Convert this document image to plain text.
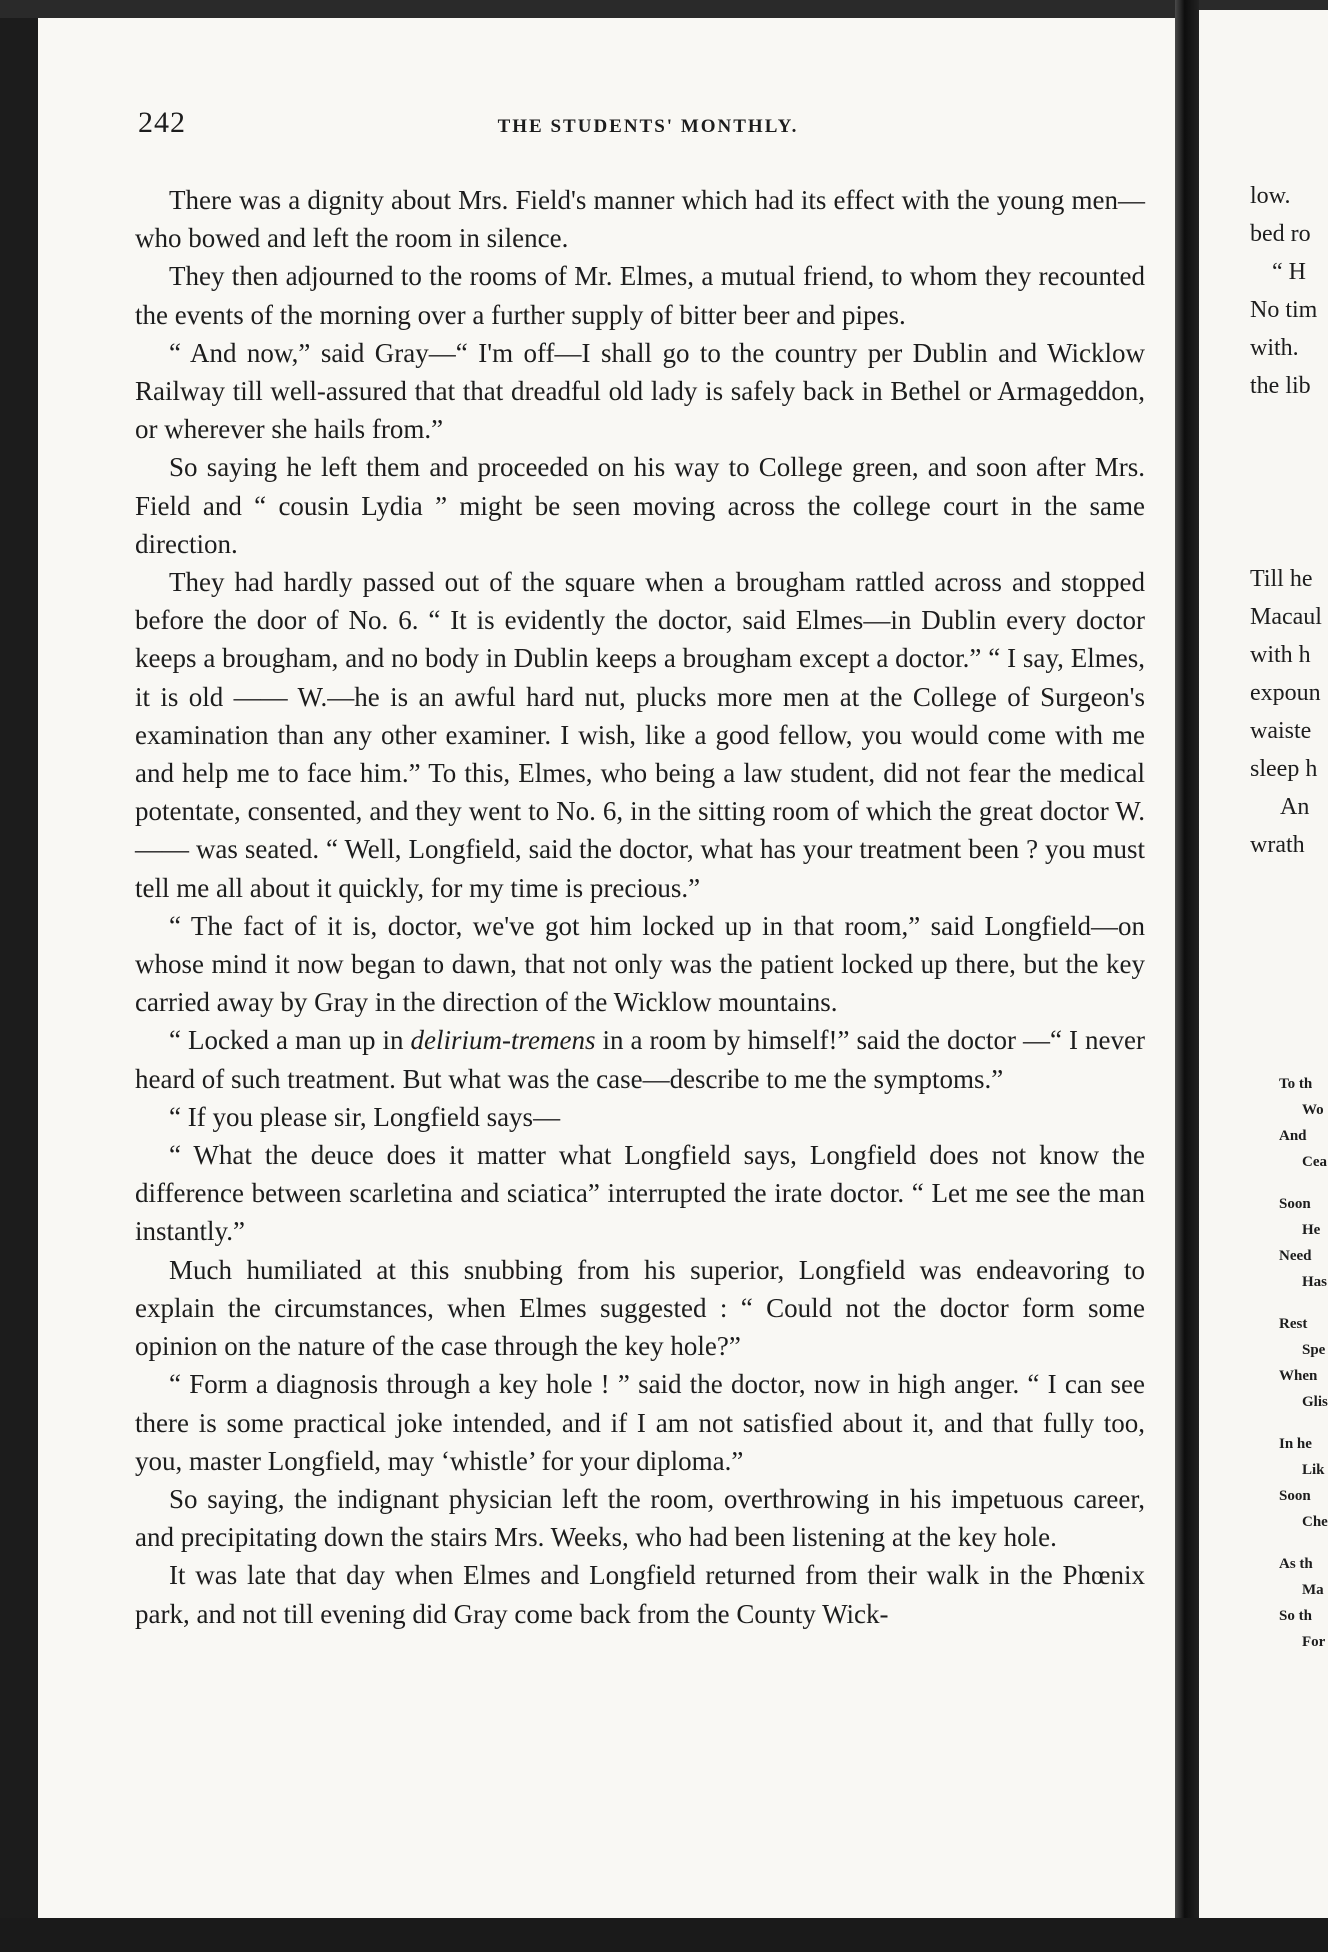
242	THE STUDENTS' MONTHLY.

There was a dignity about Mrs. Field's manner which had its effect with the young men—who bowed and left the room in silence.

They then adjourned to the rooms of Mr. Elmes, a mutual friend, to whom they recounted the events of the morning over a further supply of bitter beer and pipes.

“ And now,” said Gray—“ I'm off—I shall go to the country per Dublin and Wicklow Railway till well-assured that that dreadful old lady is safely back in Bethel or Armageddon, or wherever she hails from.”

So saying he left them and proceeded on his way to College green, and soon after Mrs. Field and “ cousin Lydia ” might be seen moving across the college court in the same direction.

They had hardly passed out of the square when a brougham rattled across and stopped before the door of No. 6. “ It is evidently the doctor, said Elmes—in Dublin every doctor keeps a brougham, and no body in Dublin keeps a brougham except a doctor.” “ I say, Elmes, it is old —— W.—he is an awful hard nut, plucks more men at the College of Surgeon's examination than any other examiner. I wish, like a good fellow, you would come with me and help me to face him.” To this, Elmes, who being a law student, did not fear the medical potentate, consented, and they went to No. 6, in the sitting room of which the great doctor W. —— was seated. “ Well, Longfield, said the doctor, what has your treatment been ? you must tell me all about it quickly, for my time is precious.”

“ The fact of it is, doctor, we've got him locked up in that room,” said Longfield—on whose mind it now began to dawn, that not only was the patient locked up there, but the key carried away by Gray in the direction of the Wicklow mountains.

“ Locked a man up in delirium-tremens in a room by himself!” said the doctor —“ I never heard of such treatment. But what was the case—describe to me the symptoms.”

“ If you please sir, Longfield says—

“ What the deuce does it matter what Longfield says, Longfield does not know the difference between scarletina and sciatica” interrupted the irate doctor. “ Let me see the man instantly.”

Much humiliated at this snubbing from his superior, Longfield was endeavoring to explain the circumstances, when Elmes suggested : “ Could not the doctor form some opinion on the nature of the case through the key hole?”

“ Form a diagnosis through a key hole ! ” said the doctor, now in high anger. “ I can see there is some practical joke intended, and if I am not satisfied about it, and that fully too, you, master Longfield, may ‘whistle’ for your diploma.”

So saying, the indignant physician left the room, overthrowing in his impetuous career, and precipitating down the stairs Mrs. Weeks, who had been listening at the key hole.

It was late that day when Elmes and Longfield returned from their walk in the Phœnix park, and not till evening did Gray come back from the County Wick-

low.
bed ro
“ H
No tim
with.
the lib
Till he
Macaul
with h
expoun
waiste
sleep h
An
wrath
To th
Wo
And
Cea
Soon
He
Need
Has
Rest
Spe
When
Glis
In he
Lik
Soon
Che
As th
Ma
So th
For
